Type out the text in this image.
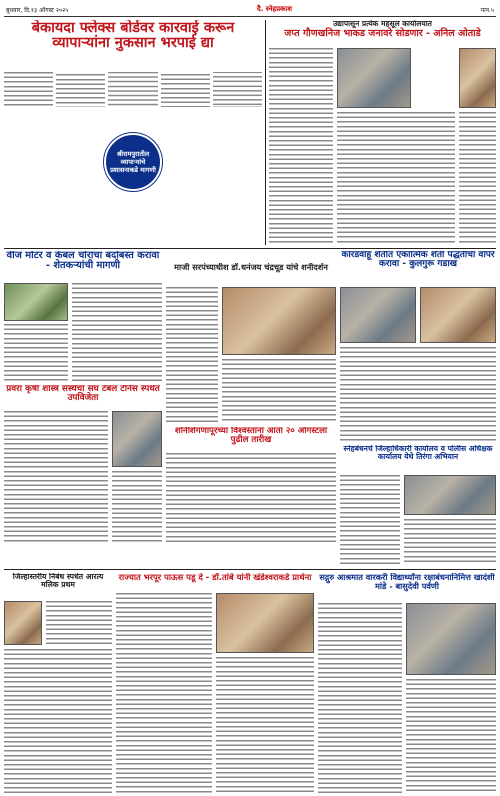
बुधवार, दि.१३ ऑगस्ट २०२५	दै. स्नेहप्रकाश	पान.५
बेकायदा फ्लेक्स बोर्डवर कारवाई करून व्यापाऱ्यांना नुकसान भरपाई द्या
श्रीरामपुरातील व्यापाऱ्यांचे प्रशासनाकडे मागणी
उद्यापासून प्रत्येक महसूल कार्यालयात
जप्त गौणखनिज भाकड जनावरे सोडणार - अनिल ओताडे
वीज मोटर व केबल चोरांचा बंदोबस्त करावा - शेतकऱ्यांची मागणी	माजी सरपंच्याधीश डॉ.धनंजय चंद्रचूड यांचे शनीदर्शन
कोरडवाहू शेतीत एकात्मिक शेती पद्धतीचा वापर करावा - कुलगुरू गडाख
प्रवरा कृषी शास्त्र संस्थेचा संघ टेबल टेनिस स्पर्धेत उपविजेता
शनिशिंगणापूरच्या विश्वस्तांना आता २० ऑगस्टला पुढील तारीख
स्नेहबंधनचे जिल्हाधिकारी कार्यालय व पोलीस अधिक्षक कार्यालय येथे तिरंगा अभियान
जिल्हास्तरीय निबंध स्पर्धेत आरत्य मलिक प्रथम
राज्यात भरपूर पाऊस पडू दे - डॉ.तांबे यांनी खंडेश्वराकडे प्रार्थना सद्गुरु आश्रमात वारकरी विद्यार्थ्यांना रक्षाबंधनानिमित्त खादंशी मांडे - बासुदेवी पर्वणी
